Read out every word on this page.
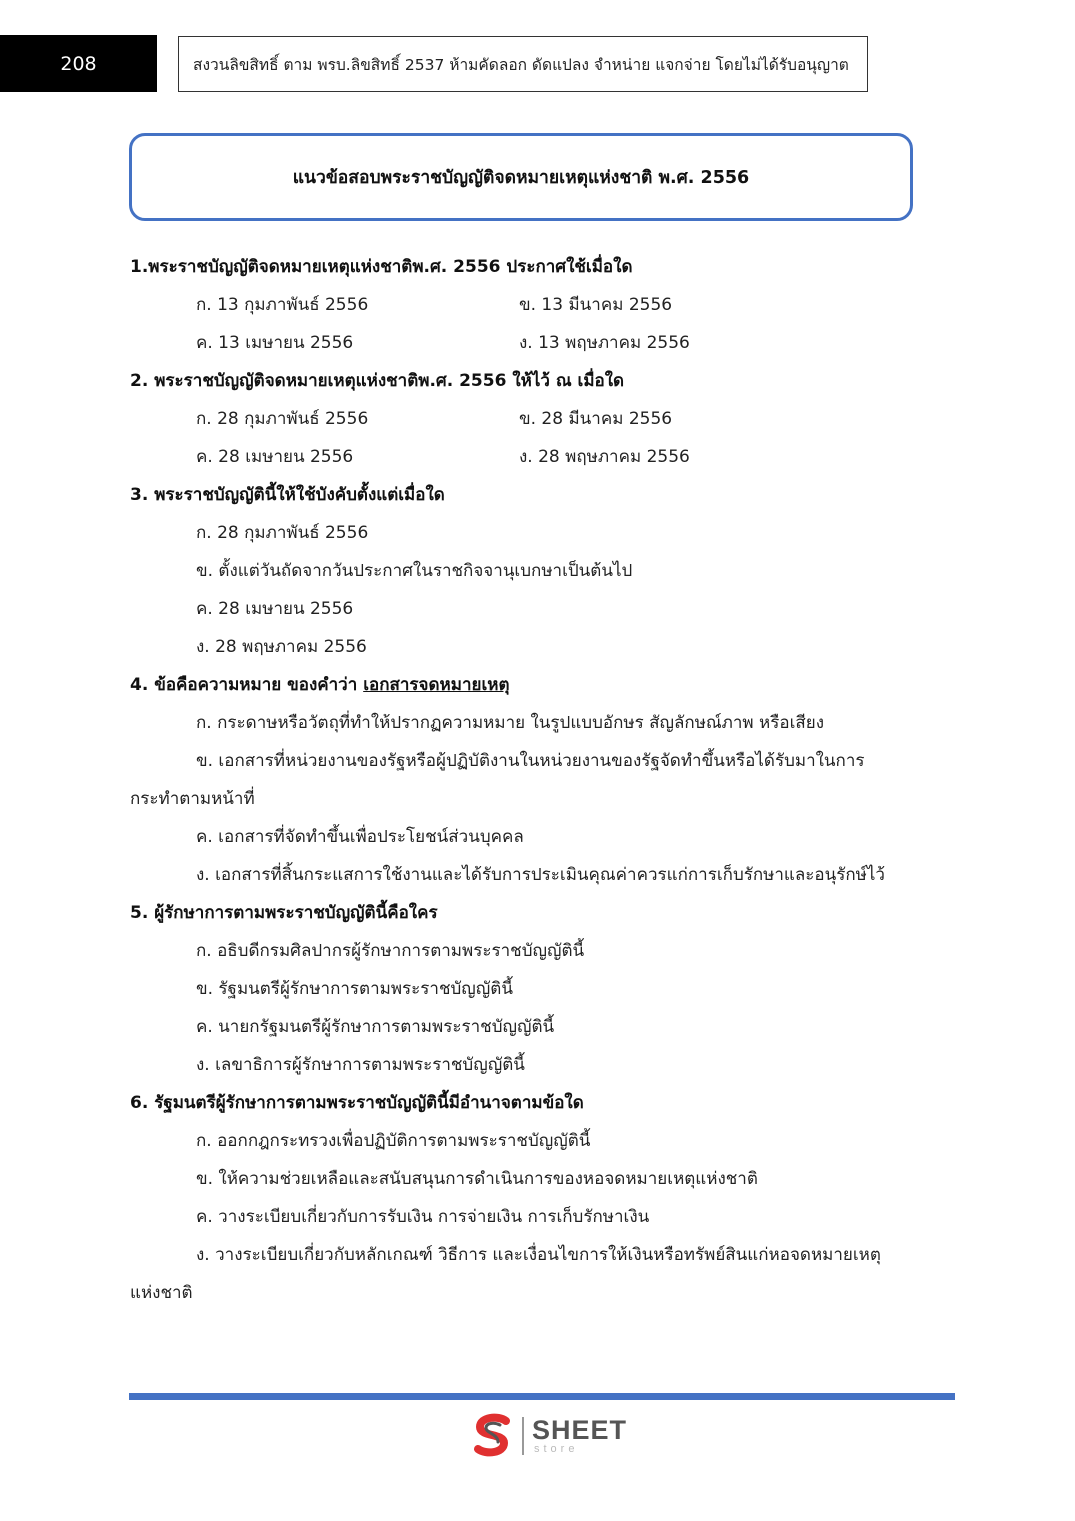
208	สงวนลิขสิทธิ์ ตาม พรบ.ลิขสิทธิ์ 2537 ห้ามคัดลอก ดัดแปลง จำหน่าย แจกจ่าย โดยไม่ได้รับอนุญาต
แนวข้อสอบพระราชบัญญัติจดหมายเหตุแห่งชาติ พ.ศ. 2556
1.พระราชบัญญัติจดหมายเหตุแห่งชาติพ.ศ. 2556 ประกาศใช้เมื่อใด
ก. 13 กุมภาพันธ์ 2556	ข. 13 มีนาคม 2556
ค. 13 เมษายน 2556	ง. 13 พฤษภาคม 2556
2. พระราชบัญญัติจดหมายเหตุแห่งชาติพ.ศ. 2556 ให้ไว้ ณ เมื่อใด
ก. 28 กุมภาพันธ์ 2556	ข. 28 มีนาคม 2556
ค. 28 เมษายน 2556	ง. 28 พฤษภาคม 2556
3. พระราชบัญญัตินี้ให้ใช้บังคับตั้งแต่เมื่อใด
ก. 28 กุมภาพันธ์ 2556
ข. ตั้งแต่วันถัดจากวันประกาศในราชกิจจานุเบกษาเป็นต้นไป
ค. 28 เมษายน 2556
ง. 28 พฤษภาคม 2556
4. ข้อคือความหมาย ของคำว่า เอกสารจดหมายเหตุ
ก. กระดาษหรือวัตถุที่ทำให้ปรากฏความหมาย ในรูปแบบอักษร สัญลักษณ์ภาพ หรือเสียง
ข. เอกสารที่หน่วยงานของรัฐหรือผู้ปฏิบัติงานในหน่วยงานของรัฐจัดทำขึ้นหรือได้รับมาในการ
กระทำตามหน้าที่
ค. เอกสารที่จัดทำขึ้นเพื่อประโยชน์ส่วนบุคคล
ง. เอกสารที่สิ้นกระแสการใช้งานและได้รับการประเมินคุณค่าควรแก่การเก็บรักษาและอนุรักษ์ไว้
5. ผู้รักษาการตามพระราชบัญญัตินี้คือใคร
ก. อธิบดีกรมศิลปากรผู้รักษาการตามพระราชบัญญัตินี้
ข. รัฐมนตรีผู้รักษาการตามพระราชบัญญัตินี้
ค. นายกรัฐมนตรีผู้รักษาการตามพระราชบัญญัตินี้
ง. เลขาธิการผู้รักษาการตามพระราชบัญญัตินี้
6. รัฐมนตรีผู้รักษาการตามพระราชบัญญัตินี้มีอำนาจตามข้อใด
ก. ออกกฎกระทรวงเพื่อปฏิบัติการตามพระราชบัญญัตินี้
ข. ให้ความช่วยเหลือและสนับสนุนการดำเนินการของหอจดหมายเหตุแห่งชาติ
ค. วางระเบียบเกี่ยวกับการรับเงิน การจ่ายเงิน การเก็บรักษาเงิน
ง. วางระเบียบเกี่ยวกับหลักเกณฑ์ วิธีการ และเงื่อนไขการให้เงินหรือทรัพย์สินแก่หอจดหมายเหตุ
แห่งชาติ
SHEET
store
